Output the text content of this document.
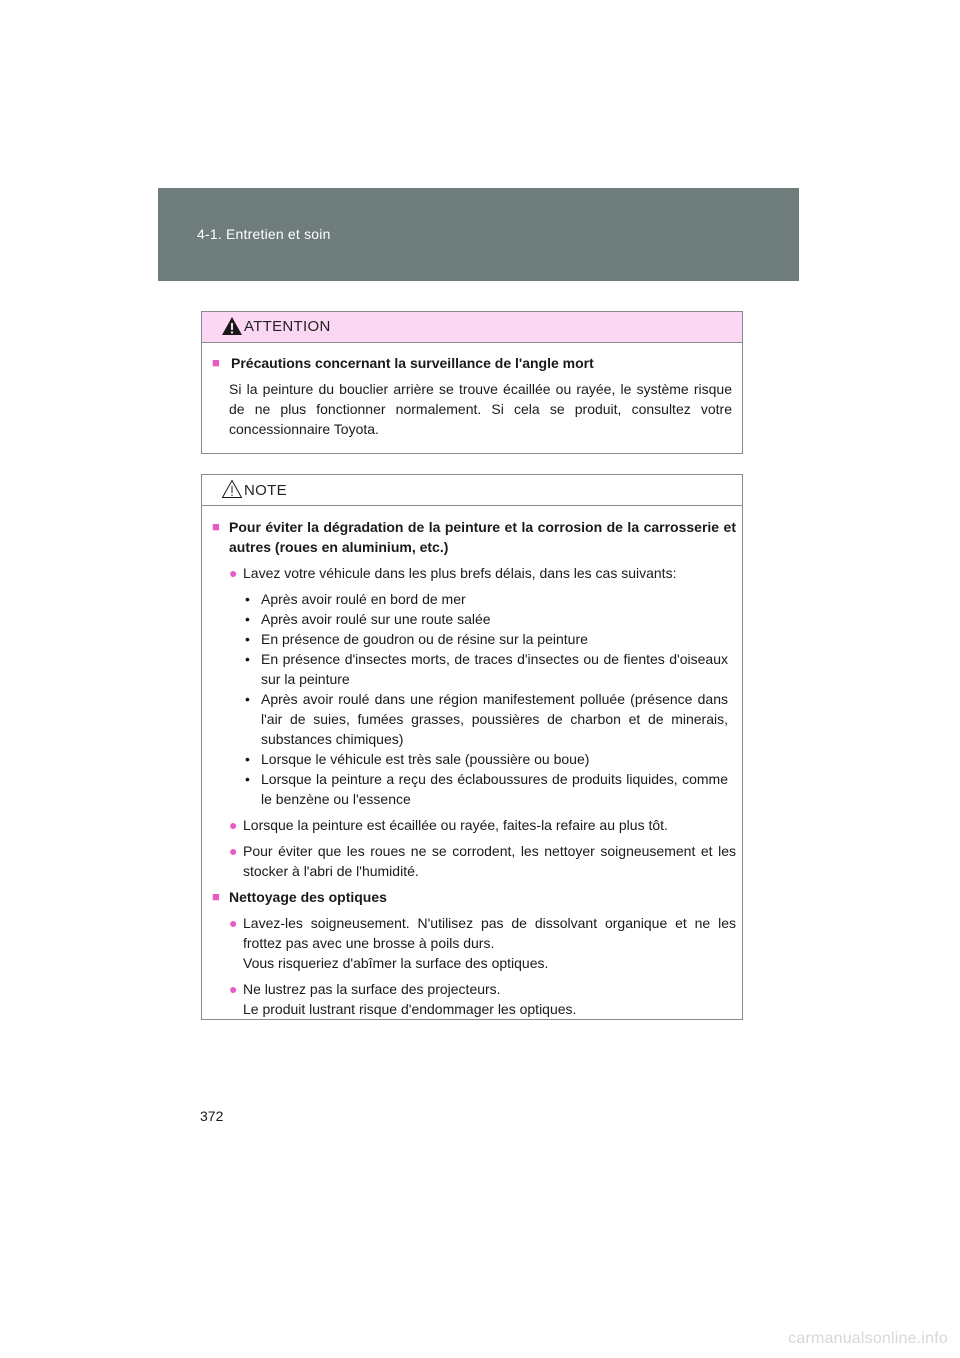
4-1. Entretien et soin
ATTENTION
■ Précautions concernant la surveillance de l'angle mort
Si la peinture du bouclier arrière se trouve écaillée ou rayée, le système risque de ne plus fonctionner normalement. Si cela se produit, consultez votre concessionnaire Toyota.
NOTE
■ Pour éviter la dégradation de la peinture et la corrosion de la carrosserie et autres (roues en aluminium, etc.)
● Lavez votre véhicule dans les plus brefs délais, dans les cas suivants:
• Après avoir roulé en bord de mer
• Après avoir roulé sur une route salée
• En présence de goudron ou de résine sur la peinture
• En présence d'insectes morts, de traces d'insectes ou de fientes d'oiseaux sur la peinture
• Après avoir roulé dans une région manifestement polluée (présence dans l'air de suies, fumées grasses, poussières de charbon et de minerais, substances chimiques)
• Lorsque le véhicule est très sale (poussière ou boue)
• Lorsque la peinture a reçu des éclaboussures de produits liquides, comme le benzène ou l'essence
● Lorsque la peinture est écaillée ou rayée, faites-la refaire au plus tôt.
● Pour éviter que les roues ne se corrodent, les nettoyer soigneusement et les stocker à l'abri de l'humidité.
■ Nettoyage des optiques
● Lavez-les soigneusement. N'utilisez pas de dissolvant organique et ne les frottez pas avec une brosse à poils durs.
Vous risqueriez d'abîmer la surface des optiques.
● Ne lustrez pas la surface des projecteurs.
Le produit lustrant risque d'endommager les optiques.
372
carmanualsonline.info
